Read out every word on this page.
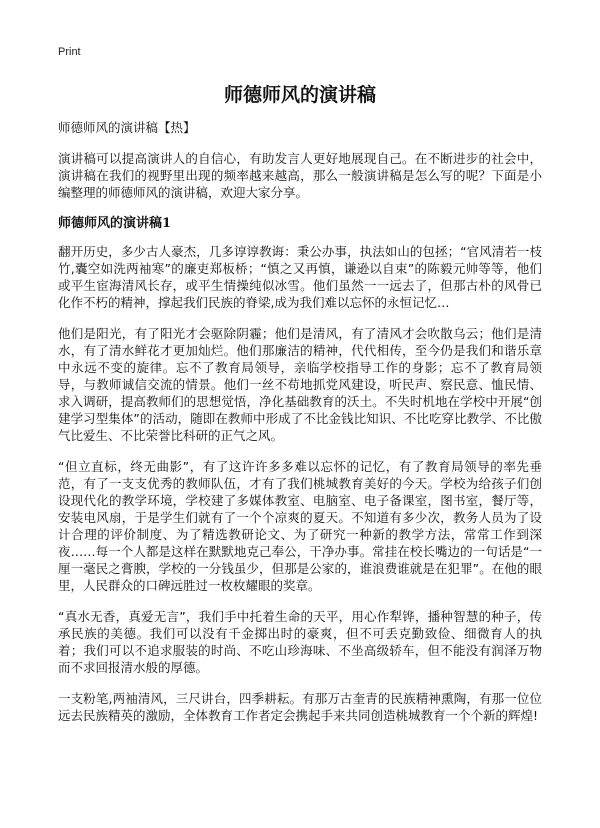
Print
师德师风的演讲稿

师德师风的演讲稿【热】

演讲稿可以提高演讲人的自信心，有助发言人更好地展现自己。在不断进步的社会中，演讲稿在我们的视野里出现的频率越来越高，那么一般演讲稿是怎么写的呢？下面是小编整理的师德师风的演讲稿，欢迎大家分享。

师德师风的演讲稿1

翻开历史，多少古人豪杰，几多谆谆教诲：秉公办事，执法如山的包拯；“官风清若一枝竹,囊空如洗两袖寒”的廉吏郑板桥；“慎之又再慎，谦逊以自束”的陈毅元帅等等，他们或平生宦海清风长存，或平生情操纯似冰雪。他们虽然一一远去了，但那古朴的风骨已化作不朽的精神，撑起我们民族的脊梁,成为我们难以忘怀的永恒记忆…

他们是阳光，有了阳光才会驱除阴霾；他们是清风，有了清风才会吹散乌云；他们是清水，有了清水鲜花才更加灿烂。他们那廉洁的精神，代代相传，至今仍是我们和谐乐章中永远不变的旋律。忘不了教育局领导，亲临学校指导工作的身影；忘不了教育局领导，与教师诚信交流的情景。他们一丝不苟地抓党风建设，听民声、察民意、恤民情、求入调研，提高教师们的思想觉悟，净化基础教育的沃土。不失时机地在学校中开展“创建学习型集体”的活动，随即在教师中形成了不比金钱比知识、不比吃穿比教学、不比傲气比爱生、不比荣誉比科研的正气之风。

“但立直标，终无曲影”，有了这许许多多难以忘怀的记忆，有了教育局领导的率先垂范，有了一支支优秀的教师队伍，才有了我们桃城教育美好的今天。学校为给孩子们创设现代化的教学环境，学校建了多媒体教室、电脑室、电子备课室，图书室，餐厅等，安装电风扇，于是学生们就有了一个个凉爽的夏天。不知道有多少次，教务人员为了设计合理的评价制度、为了精选教研论文、为了研究一种新的教学方法，常常工作到深夜……每一个人都是这样在默默地克己奉公，干净办事。常挂在校长嘴边的一句话是“一厘一毫民之膏腴，学校的一分钱虽少，但那是公家的，谁浪费谁就是在犯罪”。在他的眼里，人民群众的口碑远胜过一枚枚耀眼的奖章。

“真水无香，真爱无言”，我们手中托着生命的天平，用心作犁铧，播种智慧的种子，传承民族的美德。我们可以没有千金掷出时的豪爽，但不可丢克勤致俭、细微育人的执着；我们可以不追求服装的时尚、不吃山珍海味、不坐高级轿车，但不能没有润泽万物而不求回报清水般的厚德。

一支粉笔,两袖清风，三尺讲台，四季耕耘。有那万古奎青的民族精神熏陶，有那一位位远去民族精英的激励，全体教育工作者定会携起手来共同创造桃城教育一个个新的辉煌!
